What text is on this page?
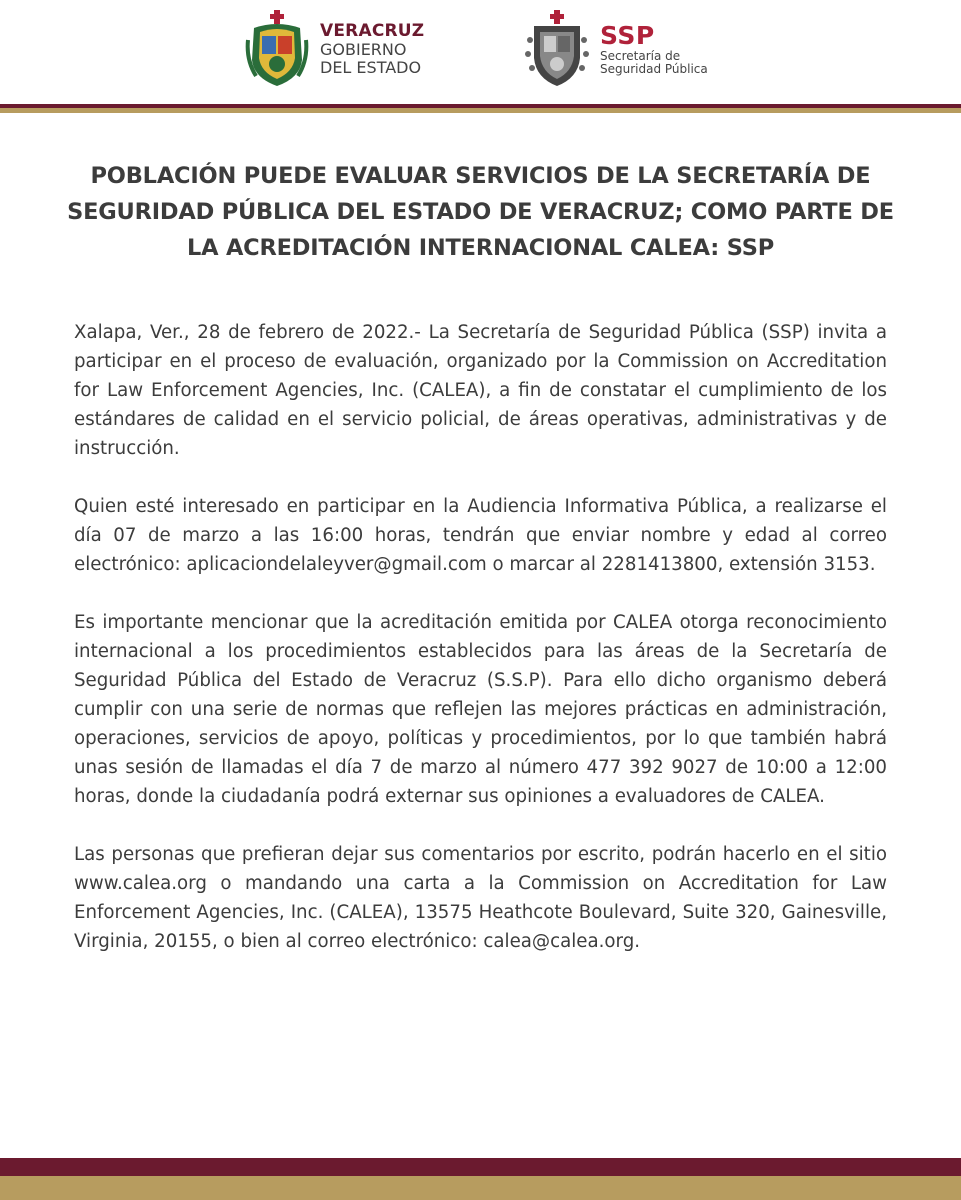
VERACRUZ
GOBIERNO
DEL ESTADO
SSP
Secretaría de
Seguridad Pública
POBLACIÓN PUEDE EVALUAR SERVICIOS DE LA SECRETARÍA DE SEGURIDAD PÚBLICA DEL ESTADO DE VERACRUZ; COMO PARTE DE LA ACREDITACIÓN INTERNACIONAL CALEA: SSP

Xalapa, Ver., 28 de febrero de 2022.- La Secretaría de Seguridad Pública (SSP) invita a participar en el proceso de evaluación, organizado por la Commission on Accreditation for Law Enforcement Agencies, Inc. (CALEA), a fin de constatar el cumplimiento de los estándares de calidad en el servicio policial, de áreas operativas, administrativas y de instrucción.

Quien esté interesado en participar en la Audiencia Informativa Pública, a realizarse el día 07 de marzo a las 16:00 horas, tendrán que enviar nombre y edad al correo electrónico: aplicaciondelaleyver@gmail.com o marcar al 2281413800, extensión 3153.

Es importante mencionar que la acreditación emitida por CALEA otorga reconocimiento internacional a los procedimientos establecidos para las áreas de la Secretaría de Seguridad Pública del Estado de Veracruz (S.S.P). Para ello dicho organismo deberá cumplir con una serie de normas que reflejen las mejores prácticas en administración, operaciones, servicios de apoyo, políticas y procedimientos, por lo que también habrá unas sesión de llamadas el día 7 de marzo al número 477 392 9027 de 10:00 a 12:00 horas, donde la ciudadanía podrá externar sus opiniones a evaluadores de CALEA.

Las personas que prefieran dejar sus comentarios por escrito, podrán hacerlo en el sitio www.calea.org o mandando una carta a la Commission on Accreditation for Law Enforcement Agencies, Inc. (CALEA), 13575 Heathcote Boulevard, Suite 320, Gainesville, Virginia, 20155, o bien al correo electrónico: calea@calea.org.
